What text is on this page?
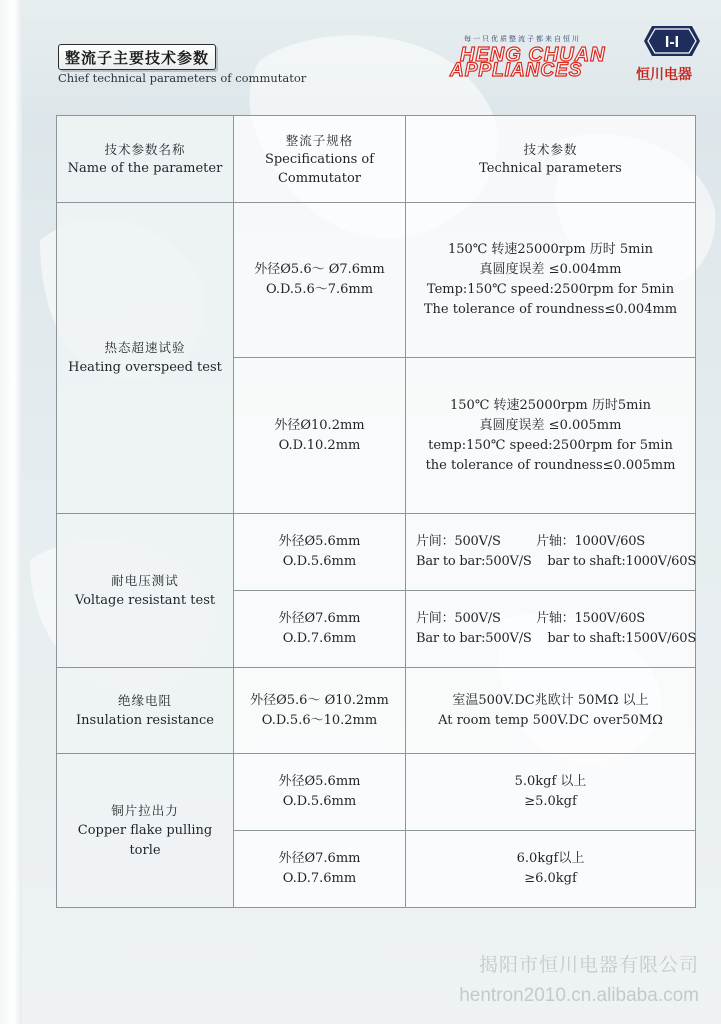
整流子主要技术参数
Chief technical parameters of commutator
每一只优质整流子都来自恒川
HENG CHUAN
APPLIANCES	恒川电器
I-I
技术参数名称
Name of the parameter
整流子规格
Specifications of
Commutator
技术参数
Technical parameters
热态超速试验
Heating overspeed test
外径Ø5.6～ Ø7.6mm
O.D.5.6～7.6mm
150℃ 转速25000rpm 历时 5min
真圆度误差 ≤0.004mm
Temp:150℃ speed:2500rpm for 5min
The tolerance of roundness≤0.004mm
外径Ø10.2mm
O.D.10.2mm
150℃ 转速25000rpm 历时5min
真圆度误差 ≤0.005mm
temp:150℃ speed:2500rpm for 5min
the tolerance of roundness≤0.005mm
耐电压测试
Voltage resistant test
外径Ø5.6mm
O.D.5.6mm
片间：500V/S         片轴：1000V/60S
Bar to bar:500V/S    bar to shaft:1000V/60S
外径Ø7.6mm
O.D.7.6mm
片间：500V/S         片轴：1500V/60S
Bar to bar:500V/S    bar to shaft:1500V/60S
绝缘电阻
Insulation resistance
外径Ø5.6～ Ø10.2mm
O.D.5.6～10.2mm
室温500V.DC兆欧计 50MΩ 以上
At room temp 500V.DC over50MΩ
铜片拉出力
Copper flake pulling
torle
外径Ø5.6mm
O.D.5.6mm
5.0kgf 以上
≥5.0kgf
外径Ø7.6mm
O.D.7.6mm
6.0kgf以上
≥6.0kgf
揭阳市恒川电器有限公司
hentron2010.cn.alibaba.com
